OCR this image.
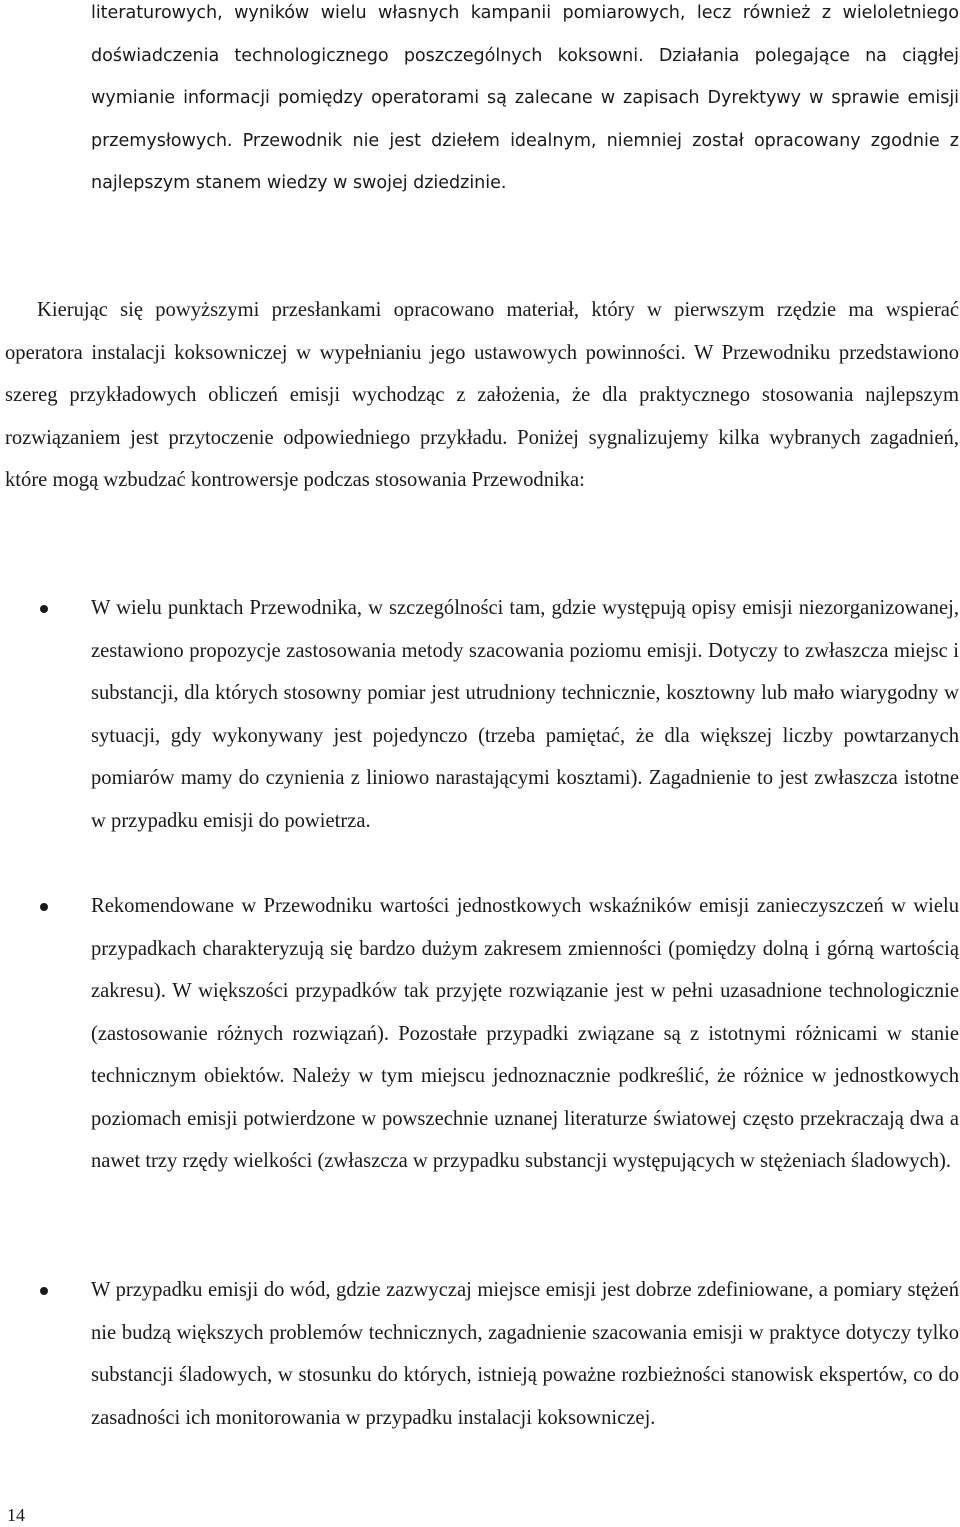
literaturowych, wyników wielu własnych kampanii pomiarowych, lecz również z wieloletniego doświadczenia technologicznego poszczególnych koksowni. Działania polegające na ciągłej wymianie informacji pomiędzy operatorami są zalecane w zapisach Dyrektywy w sprawie emisji przemysłowych. Przewodnik nie jest dziełem idealnym, niemniej został opracowany zgodnie z najlepszym stanem wiedzy w swojej dziedzinie.

Kierując się powyższymi przesłankami opracowano materiał, który w pierwszym rzędzie ma wspierać operatora instalacji koksowniczej w wypełnianiu jego ustawowych powinności. W Przewodniku przedstawiono szereg przykładowych obliczeń emisji wychodząc z założenia, że dla praktycznego stosowania najlepszym rozwiązaniem jest przytoczenie odpowiedniego przykładu. Poniżej sygnalizujemy kilka wybranych zagadnień, które mogą wzbudzać kontrowersje podczas stosowania Przewodnika:

W wielu punktach Przewodnika, w szczególności tam, gdzie występują opisy emisji niezorganizowanej, zestawiono propozycje zastosowania metody szacowania poziomu emisji. Dotyczy to zwłaszcza miejsc i substancji, dla których stosowny pomiar jest utrudniony technicznie, kosztowny lub mało wiarygodny w sytuacji, gdy wykonywany jest pojedynczo (trzeba pamiętać, że dla większej liczby powtarzanych pomiarów mamy do czynienia z liniowo narastającymi kosztami). Zagadnienie to jest zwłaszcza istotne w przypadku emisji do powietrza.

Rekomendowane w Przewodniku wartości jednostkowych wskaźników emisji zanieczyszczeń w wielu przypadkach charakteryzują się bardzo dużym zakresem zmienności (pomiędzy dolną i górną wartością zakresu). W większości przypadków tak przyjęte rozwiązanie jest w pełni uzasadnione technologicznie (zastosowanie różnych rozwiązań). Pozostałe przypadki związane są z istotnymi różnicami w stanie technicznym obiektów. Należy w tym miejscu jednoznacznie podkreślić, że różnice w jednostkowych poziomach emisji potwierdzone w powszechnie uznanej literaturze światowej często przekraczają dwa a nawet trzy rzędy wielkości (zwłaszcza w przypadku substancji występujących w stężeniach śladowych).

W przypadku emisji do wód, gdzie zazwyczaj miejsce emisji jest dobrze zdefiniowane, a pomiary stężeń nie budzą większych problemów technicznych, zagadnienie szacowania emisji w praktyce dotyczy tylko substancji śladowych, w stosunku do których, istnieją poważne rozbieżności stanowisk ekspertów, co do zasadności ich monitorowania w przypadku instalacji koksowniczej.

14
